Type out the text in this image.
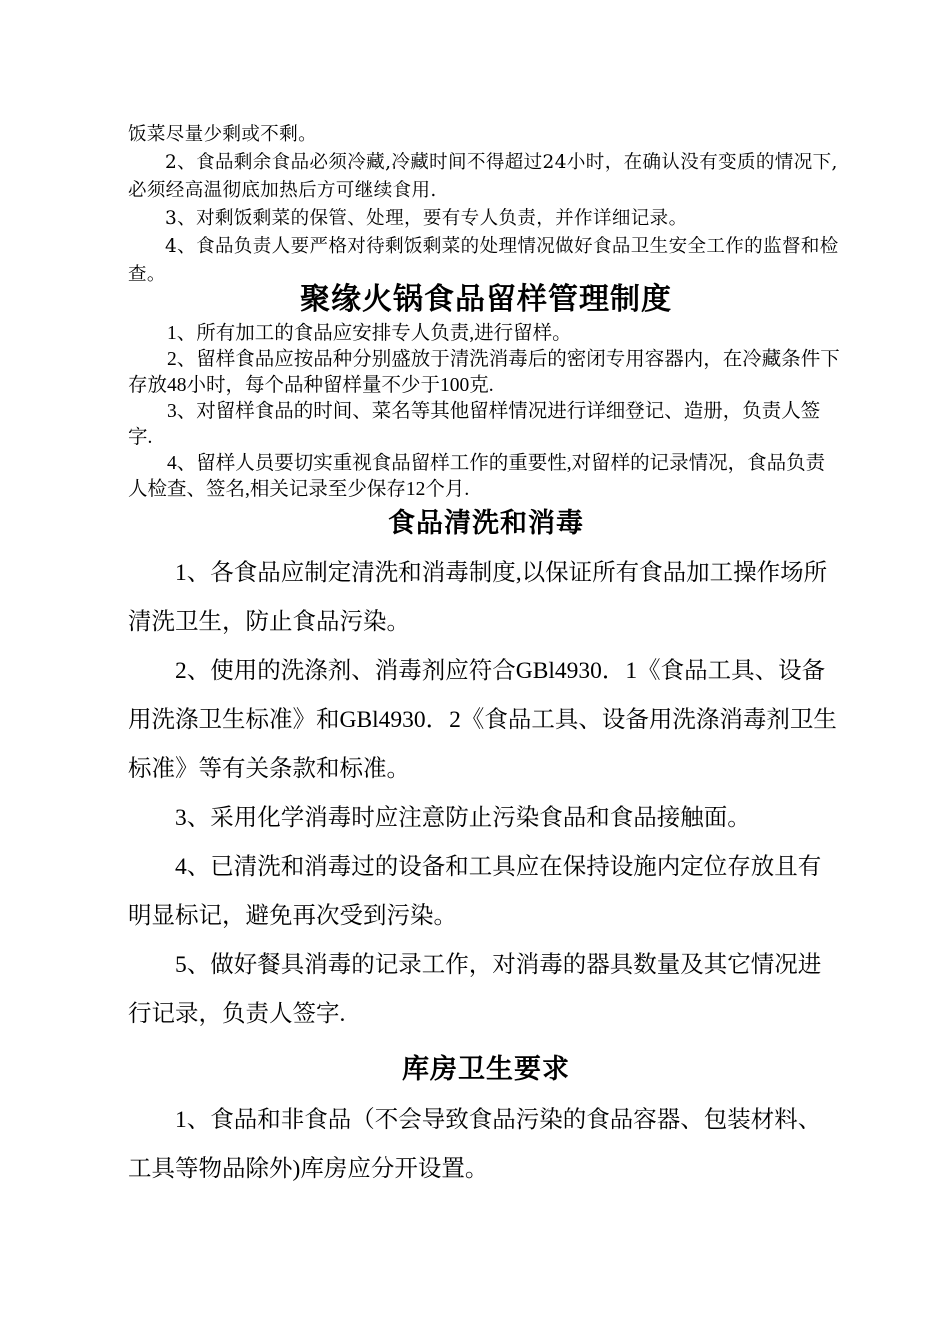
饭菜尽量少剩或不剩。

2、食品剩余食品必须冷藏,冷藏时间不得超过24小时，在确认没有变质的情况下,必须经高温彻底加热后方可继续食用.

3、对剩饭剩菜的保管、处理，要有专人负责，并作详细记录。

4、食品负责人要严格对待剩饭剩菜的处理情况做好食品卫生安全工作的监督和检查。

聚缘火锅食品留样管理制度

1、所有加工的食品应安排专人负责,进行留样。

2、留样食品应按品种分别盛放于清洗消毒后的密闭专用容器内，在冷藏条件下存放48小时，每个品种留样量不少于100克.

3、对留样食品的时间、菜名等其他留样情况进行详细登记、造册，负责人签字.

4、留样人员要切实重视食品留样工作的重要性,对留样的记录情况，食品负责人检查、签名,相关记录至少保存12个月.

食品清洗和消毒

1、各食品应制定清洗和消毒制度,以保证所有食品加工操作场所清洗卫生，防止食品污染。

2、使用的洗涤剂、消毒剂应符合GBl4930．1《食品工具、设备用洗涤卫生标准》和GBl4930．2《食品工具、设备用洗涤消毒剂卫生标准》等有关条款和标准。

3、采用化学消毒时应注意防止污染食品和食品接触面。

4、已清洗和消毒过的设备和工具应在保持设施内定位存放且有明显标记，避免再次受到污染。

5、做好餐具消毒的记录工作，对消毒的器具数量及其它情况进行记录，负责人签字.

库房卫生要求

1、食品和非食品（不会导致食品污染的食品容器、包装材料、工具等物品除外)库房应分开设置。
